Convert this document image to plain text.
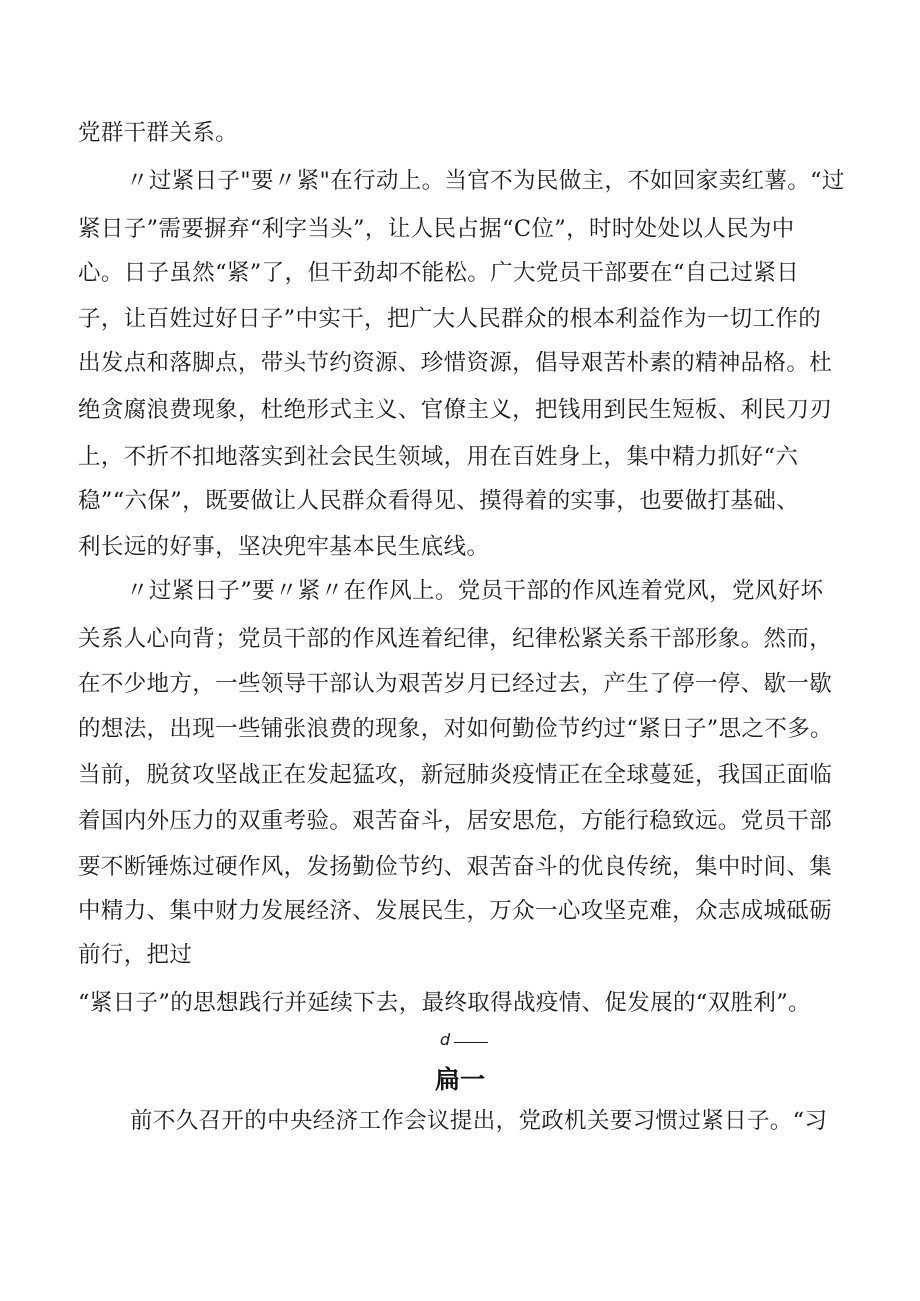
党群干群关系。
〃过紧日子"要〃紧"在行动上。当官不为民做主，不如回家卖红薯。“过
紧日子”需要摒弃“利字当头”，让人民占据“C位”，时时处处以人民为中
心。日子虽然“紧”了，但干劲却不能松。广大党员干部要在“自己过紧日
子，让百姓过好日子”中实干，把广大人民群众的根本利益作为一切工作的
出发点和落脚点，带头节约资源、珍惜资源，倡导艰苦朴素的精神品格。杜
绝贪腐浪费现象，杜绝形式主义、官僚主义，把钱用到民生短板、利民刀刃
上，不折不扣地落实到社会民生领域，用在百姓身上，集中精力抓好“六
稳”“六保”，既要做让人民群众看得见、摸得着的实事，也要做打基础、
利长远的好事，坚决兜牢基本民生底线。
〃过紧日子”要〃紧〃在作风上。党员干部的作风连着党风，党风好坏
关系人心向背；党员干部的作风连着纪律，纪律松紧关系干部形象。然而，
在不少地方，一些领导干部认为艰苦岁月已经过去，产生了停一停、歇一歇
的想法，出现一些铺张浪费的现象，对如何勤俭节约过“紧日子”思之不多。
当前，脱贫攻坚战正在发起猛攻，新冠肺炎疫情正在全球蔓延，我国正面临
着国内外压力的双重考验。艰苦奋斗，居安思危，方能行稳致远。党员干部
要不断锤炼过硬作风，发扬勤俭节约、艰苦奋斗的优良传统，集中时间、集
中精力、集中财力发展经济、发展民生，万众一心攻坚克难，众志成城砥砺
前行，把过
“紧日子”的思想践行并延续下去，最终取得战疫情、促发展的“双胜利”。
d
扁一
前不久召开的中央经济工作会议提出，党政机关要习惯过紧日子。“习
